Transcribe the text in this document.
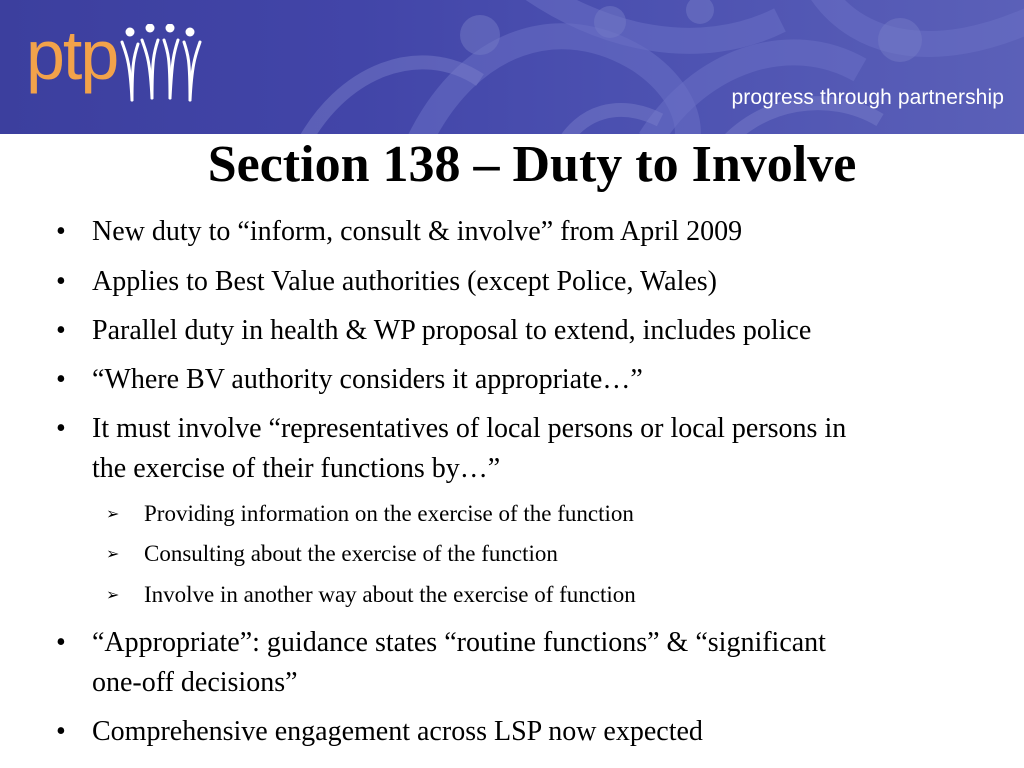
ptp
progress through partnership
Section 138 – Duty to Involve
• New duty to “inform, consult & involve” from April 2009
• Applies to Best Value authorities (except Police, Wales)
• Parallel duty in health & WP proposal to extend, includes police
• “Where BV authority considers it appropriate…”
• It must involve “representatives of local persons or local persons in the exercise of their functions by…”
➢ Providing information on the exercise of the function
➢ Consulting about the exercise of the function
➢ Involve in another way about the exercise of function
• “Appropriate”: guidance states “routine functions” & “significant one-off decisions”
• Comprehensive engagement across LSP now expected
